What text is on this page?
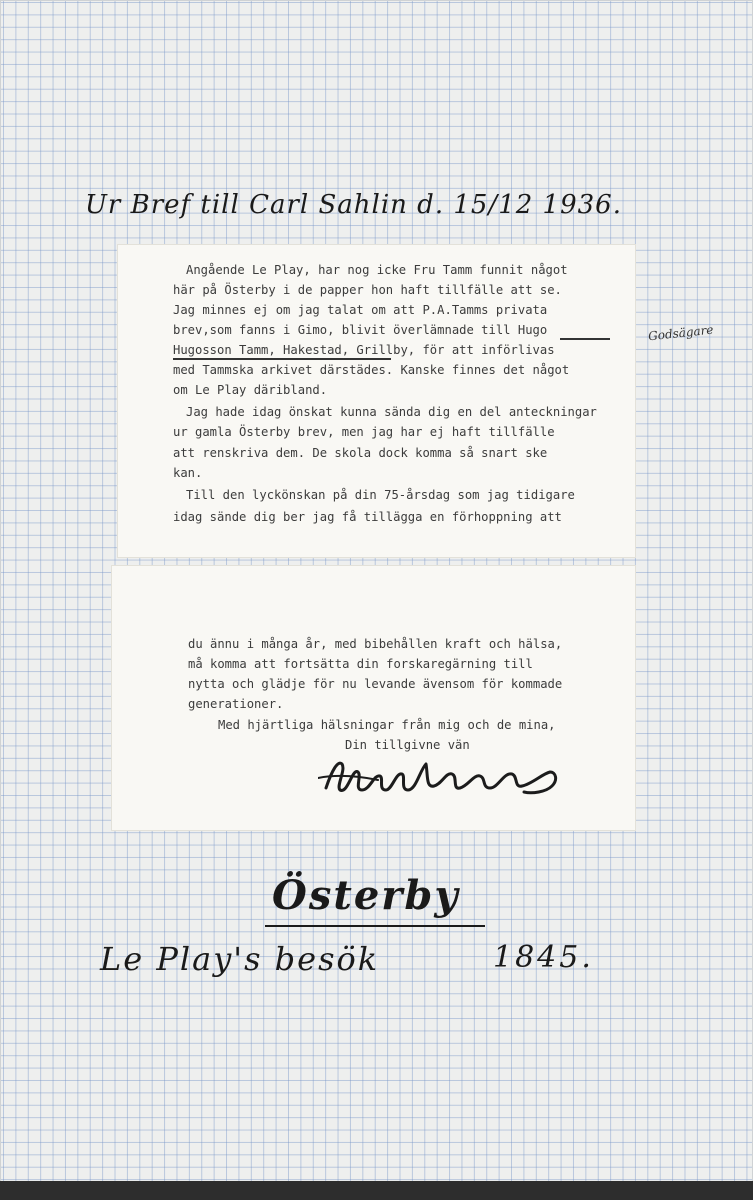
Ur Bref till Carl Sahlin d. 15/12 1936.
Godsägare
Angående Le Play, har nog icke Fru Tamm funnit något
här på Österby i de papper hon haft tillfälle att se.
Jag minnes ej om jag talat om att P.A.Tamms privata
brev,som fanns i Gimo, blivit överlämnade till Hugo
Hugosson Tamm, Hakestad, Grillby, för att införlivas
med Tammska arkivet därstädes. Kanske finnes det något
om Le Play däribland.
Jag hade idag önskat kunna sända dig en del anteckningar
ur gamla Österby brev, men jag har ej haft tillfälle
att renskriva dem. De skola dock komma så snart ske
kan.
Till den lyckönskan på din 75-årsdag som jag tidigare
idag sände dig ber jag få tillägga en förhoppning att
du ännu i många år, med bibehållen kraft och hälsa,
må komma att fortsätta din forskaregärning till
nytta och glädje för nu levande ävensom för kommade
generationer.
Med hjärtliga hälsningar från mig och de mina,
Din tillgivne vän
Österby
Le Play's besök	1845.
